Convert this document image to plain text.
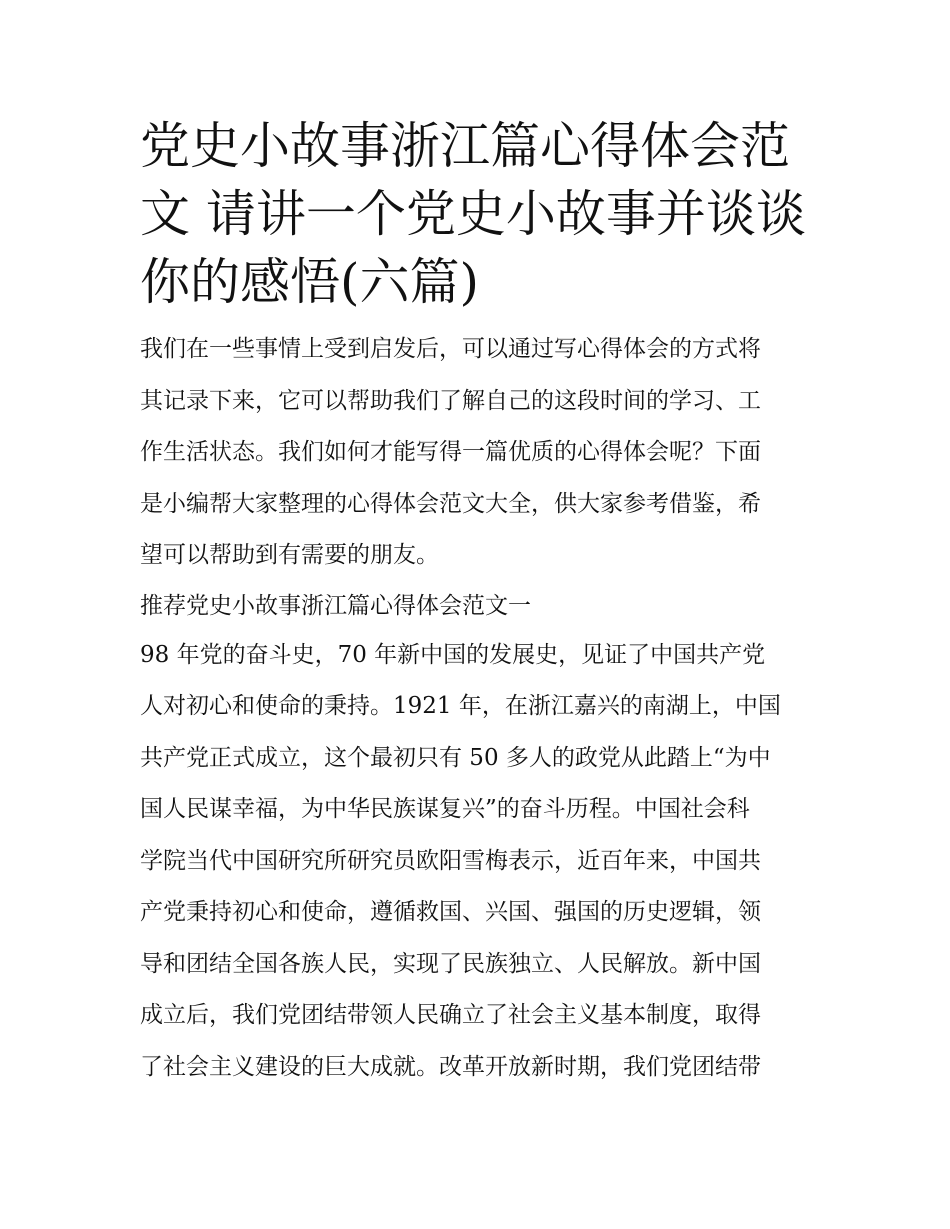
党史小故事浙江篇心得体会范
文 请讲一个党史小故事并谈谈
你的感悟(六篇)
我们在一些事情上受到启发后，可以通过写心得体会的方式将
其记录下来，它可以帮助我们了解自己的这段时间的学习、工
作生活状态。我们如何才能写得一篇优质的心得体会呢？下面
是小编帮大家整理的心得体会范文大全，供大家参考借鉴，希
望可以帮助到有需要的朋友。
推荐党史小故事浙江篇心得体会范文一
98 年党的奋斗史，70 年新中国的发展史，见证了中国共产党
人对初心和使命的秉持。1921 年，在浙江嘉兴的南湖上，中国
共产党正式成立，这个最初只有 50 多人的政党从此踏上“为中
国人民谋幸福，为中华民族谋复兴”的奋斗历程。中国社会科
学院当代中国研究所研究员欧阳雪梅表示，近百年来，中国共
产党秉持初心和使命，遵循救国、兴国、强国的历史逻辑，领
导和团结全国各族人民，实现了民族独立、人民解放。新中国
成立后，我们党团结带领人民确立了社会主义基本制度，取得
了社会主义建设的巨大成就。改革开放新时期，我们党团结带
